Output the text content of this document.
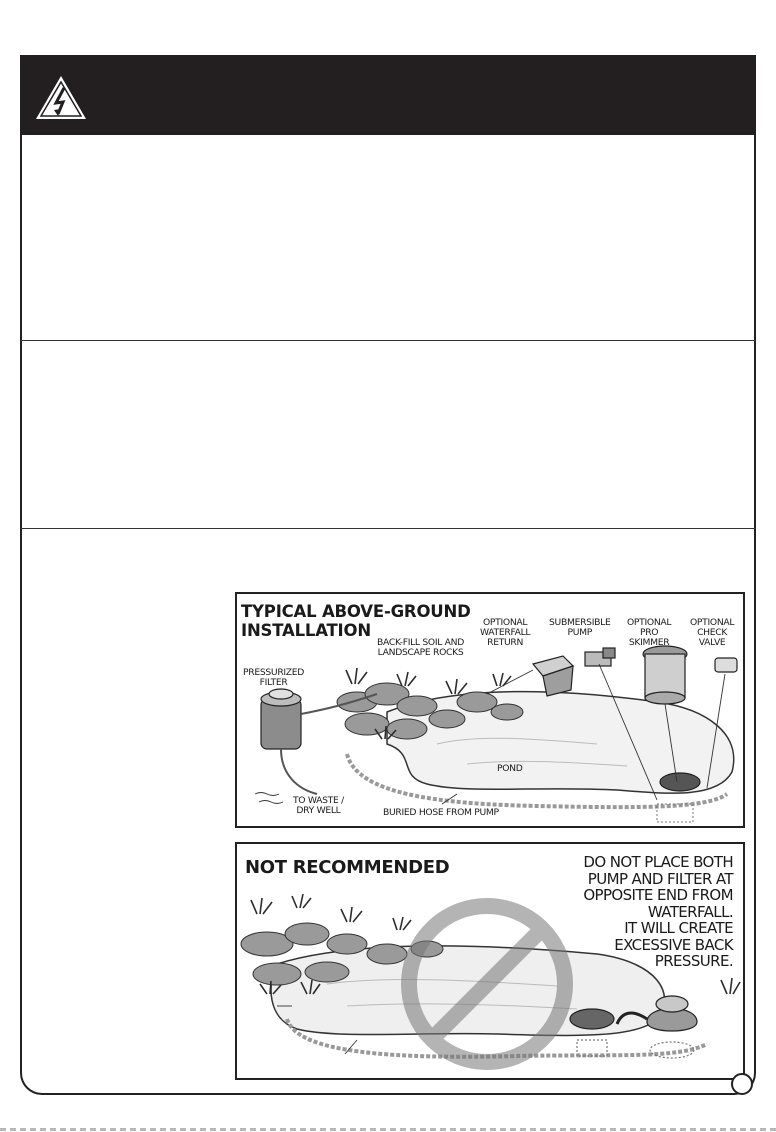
TYPICAL ABOVE-GROUND
INSTALLATION	OPTIONAL
WATERFALL
RETURN
SUBMERSIBLE
PUMP
OPTIONAL
PRO
SKIMMER
OPTIONAL
CHECK
VALVE
BACK-FILL SOIL AND
LANDSCAPE ROCKS
PRESSURIZED
FILTER
POND
TO WASTE /
DRY WELL	BURIED HOSE FROM PUMP
NOT RECOMMENDED	DO NOT PLACE BOTH
PUMP AND FILTER AT
OPPOSITE END FROM
WATERFALL.
IT WILL CREATE
EXCESSIVE BACK
PRESSURE.
